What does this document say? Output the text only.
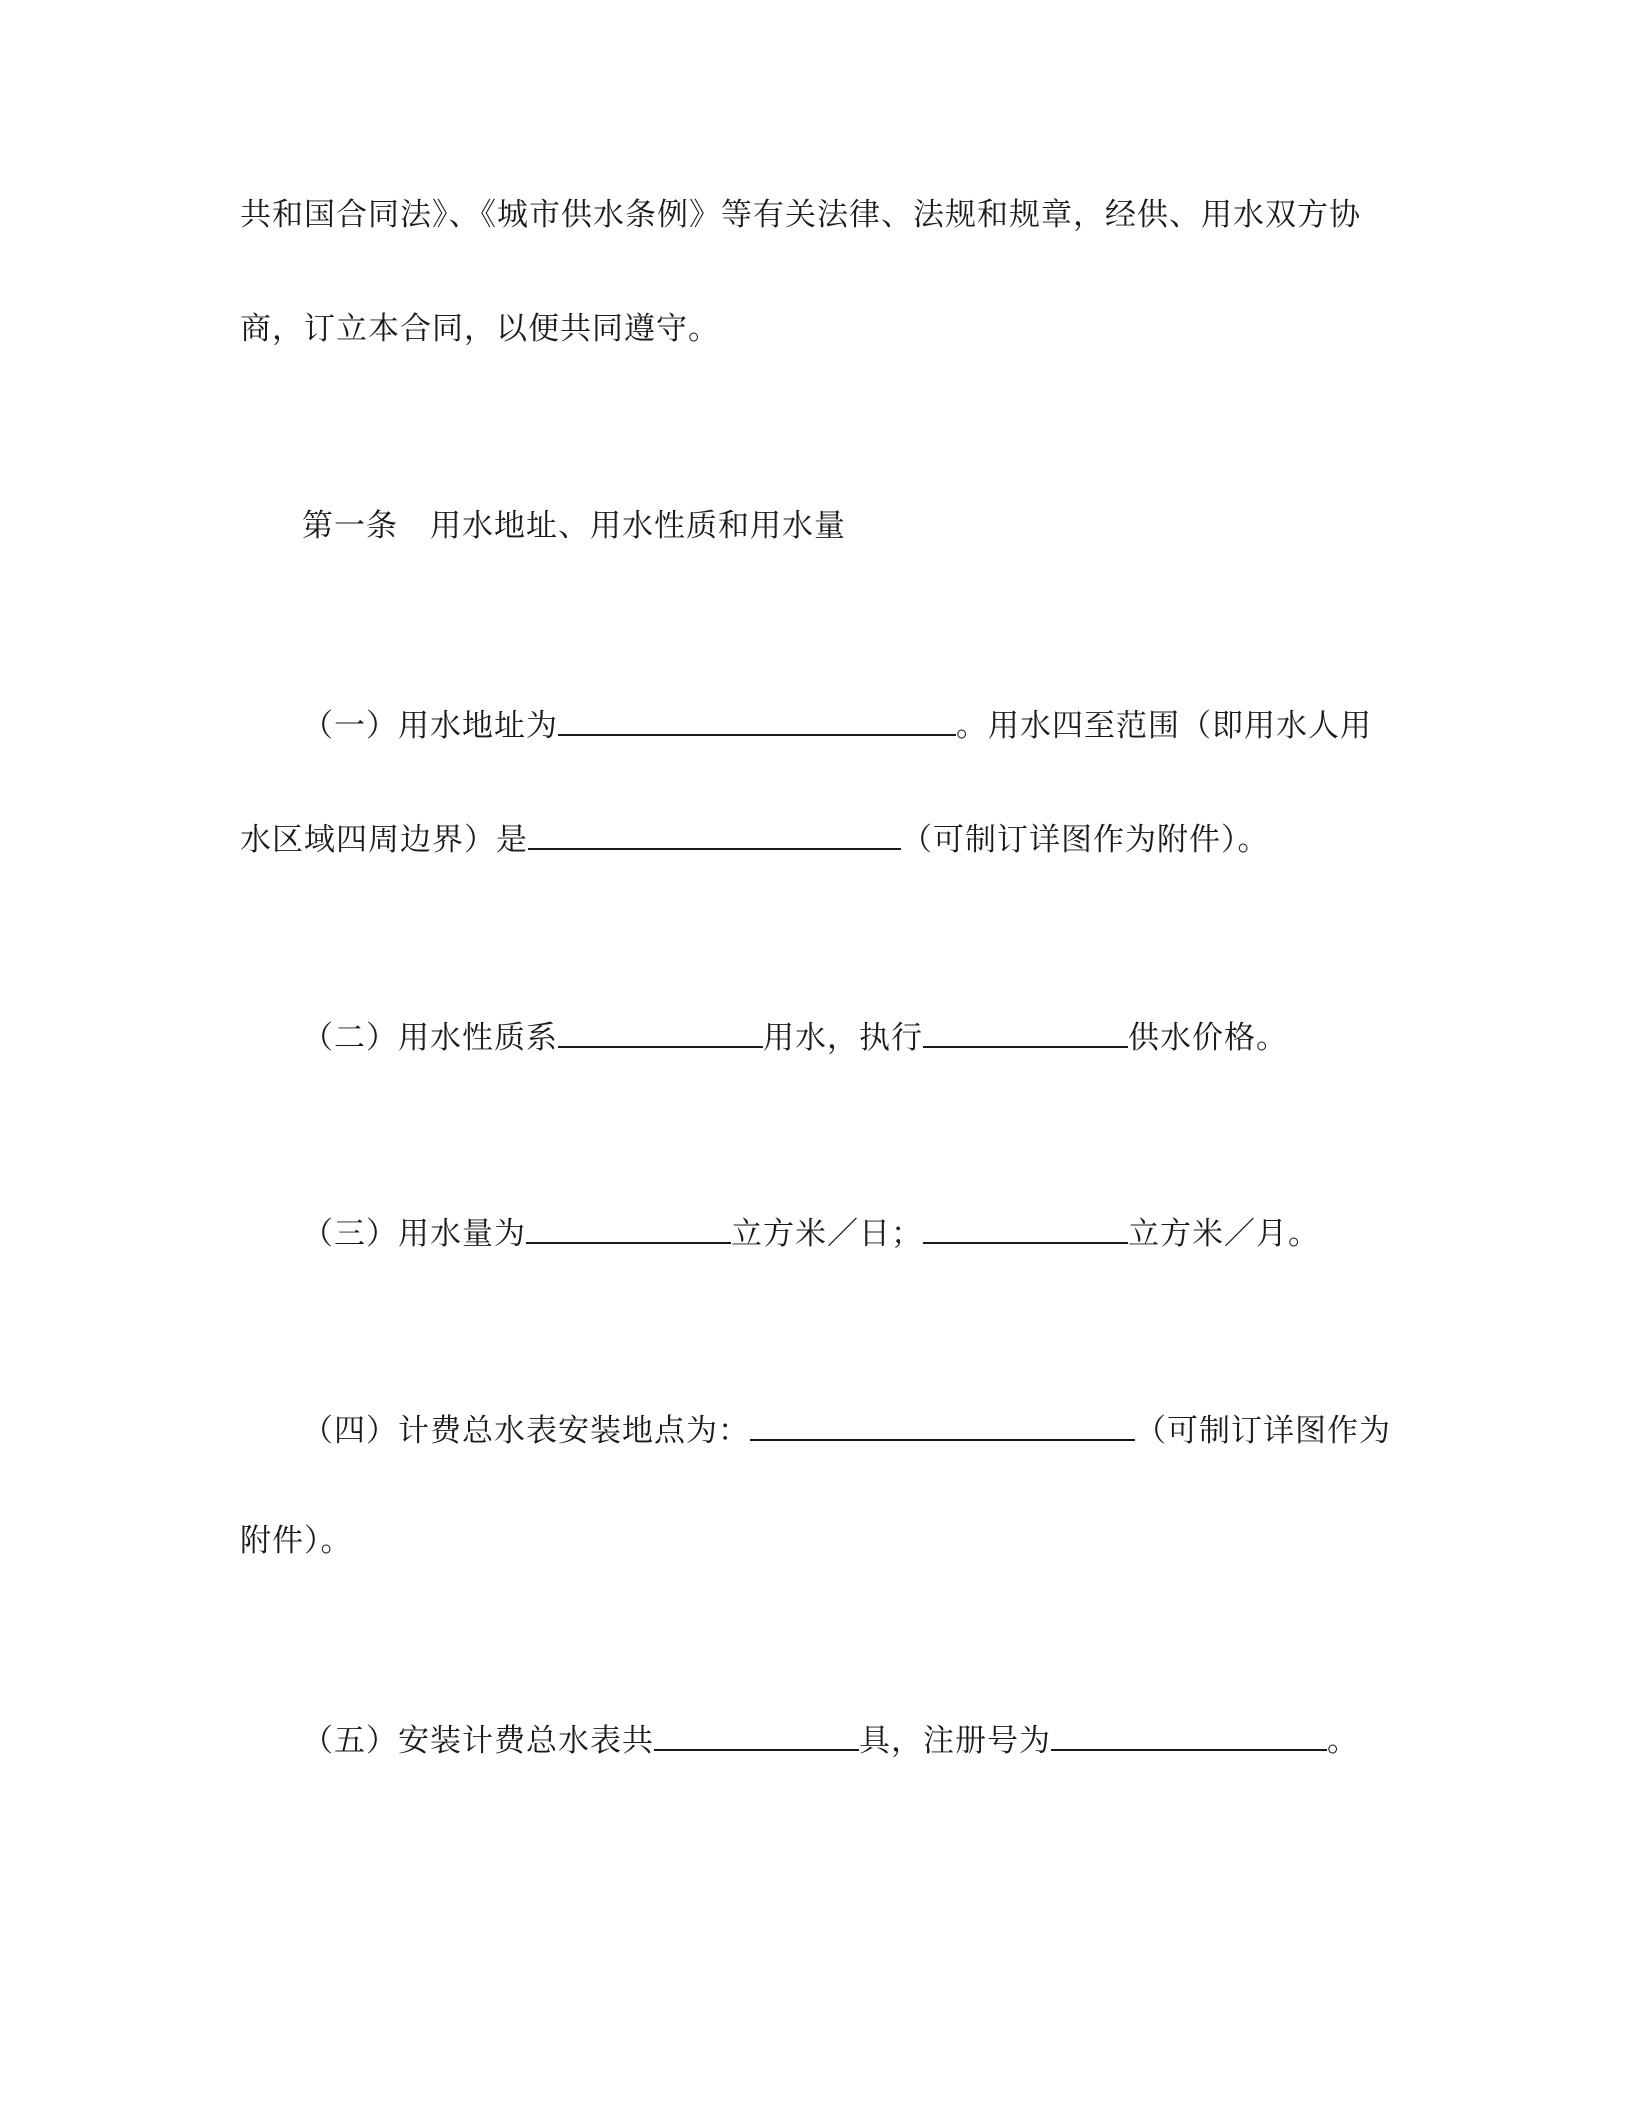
共和国合同法》、《城市供水条例》等有关法律、法规和规章，经供、用水双方协
商，订立本合同，以便共同遵守。
第一条　用水地址、用水性质和用水量
（一）用水地址为	。用水四至范围（即用水人用
水区域四周边界）是	（可制订详图作为附件）。
（二）用水性质系	用水，执行	供水价格。
（三）用水量为	立方米／日；	立方米／月。
（四）计费总水表安装地点为：	（可制订详图作为
附件）。
（五）安装计费总水表共	具，注册号为	。
